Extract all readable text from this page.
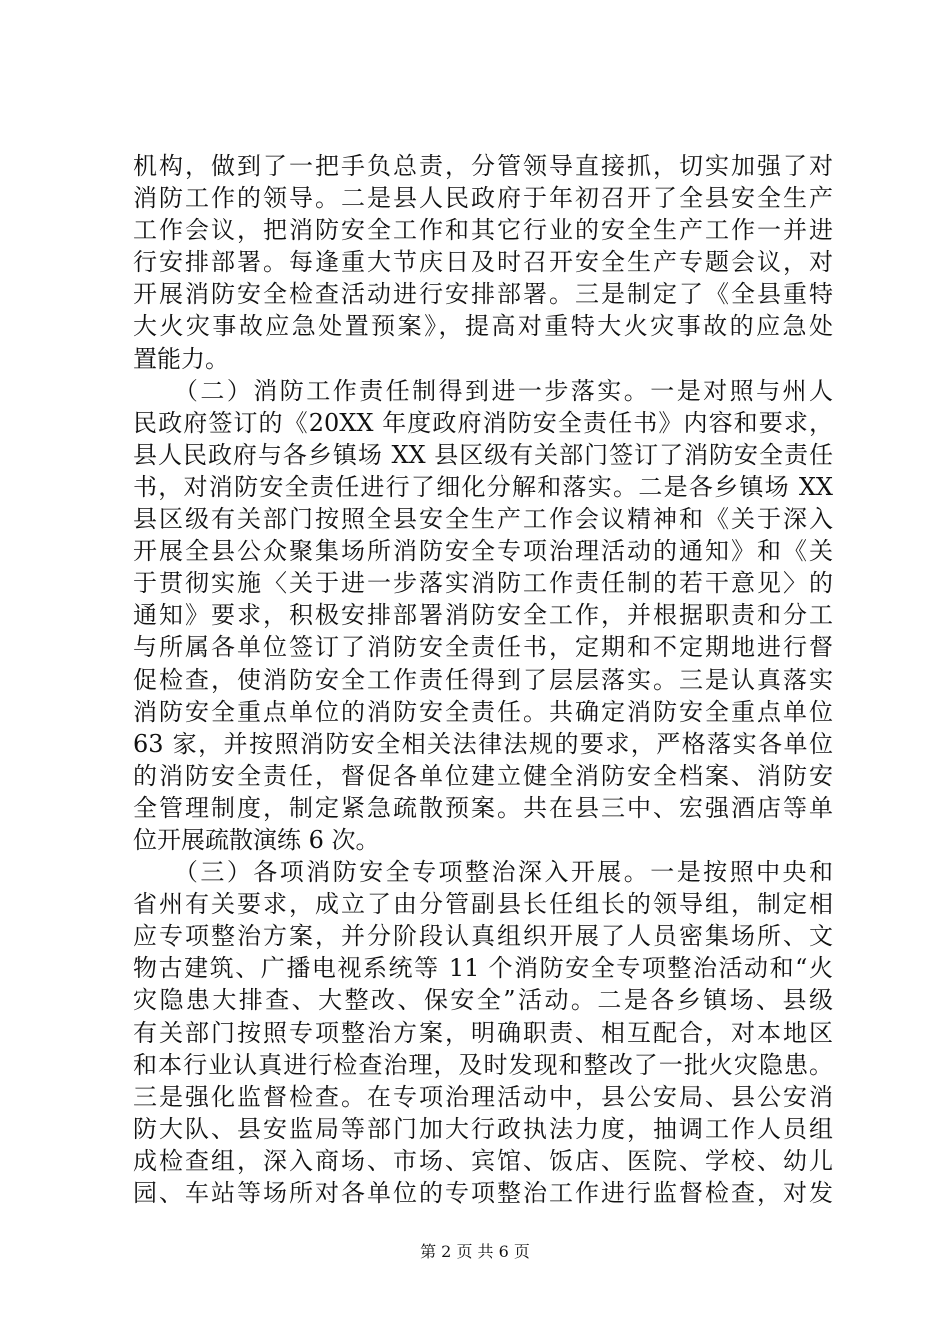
机构，做到了一把手负总责，分管领导直接抓，切实加强了对
消防工作的领导。二是县人民政府于年初召开了全县安全生产
工作会议，把消防安全工作和其它行业的安全生产工作一并进
行安排部署。每逢重大节庆日及时召开安全生产专题会议，对
开展消防安全检查活动进行安排部署。三是制定了《全县重特
大火灾事故应急处置预案》，提高对重特大火灾事故的应急处
置能力。
　　（二）消防工作责任制得到进一步落实。一是对照与州人
民政府签订的《20XX 年度政府消防安全责任书》内容和要求，
县人民政府与各乡镇场 XX 县区级有关部门签订了消防安全责任
书，对消防安全责任进行了细化分解和落实。二是各乡镇场 XX
县区级有关部门按照全县安全生产工作会议精神和《关于深入
开展全县公众聚集场所消防安全专项治理活动的通知》和《关
于贯彻实施〈关于进一步落实消防工作责任制的若干意见〉的
通知》要求，积极安排部署消防安全工作，并根据职责和分工
与所属各单位签订了消防安全责任书，定期和不定期地进行督
促检查，使消防安全工作责任得到了层层落实。三是认真落实
消防安全重点单位的消防安全责任。共确定消防安全重点单位
63 家，并按照消防安全相关法律法规的要求，严格落实各单位
的消防安全责任，督促各单位建立健全消防安全档案、消防安
全管理制度，制定紧急疏散预案。共在县三中、宏强酒店等单
位开展疏散演练 6 次。
　　（三）各项消防安全专项整治深入开展。一是按照中央和
省州有关要求，成立了由分管副县长任组长的领导组，制定相
应专项整治方案，并分阶段认真组织开展了人员密集场所、文
物古建筑、广播电视系统等 11 个消防安全专项整治活动和“火
灾隐患大排查、大整改、保安全”活动。二是各乡镇场、县级
有关部门按照专项整治方案，明确职责、相互配合，对本地区
和本行业认真进行检查治理，及时发现和整改了一批火灾隐患。
三是强化监督检查。在专项治理活动中，县公安局、县公安消
防大队、县安监局等部门加大行政执法力度，抽调工作人员组
成检查组，深入商场、市场、宾馆、饭店、医院、学校、幼儿
园、车站等场所对各单位的专项整治工作进行监督检查，对发
第 2 页 共 6 页
